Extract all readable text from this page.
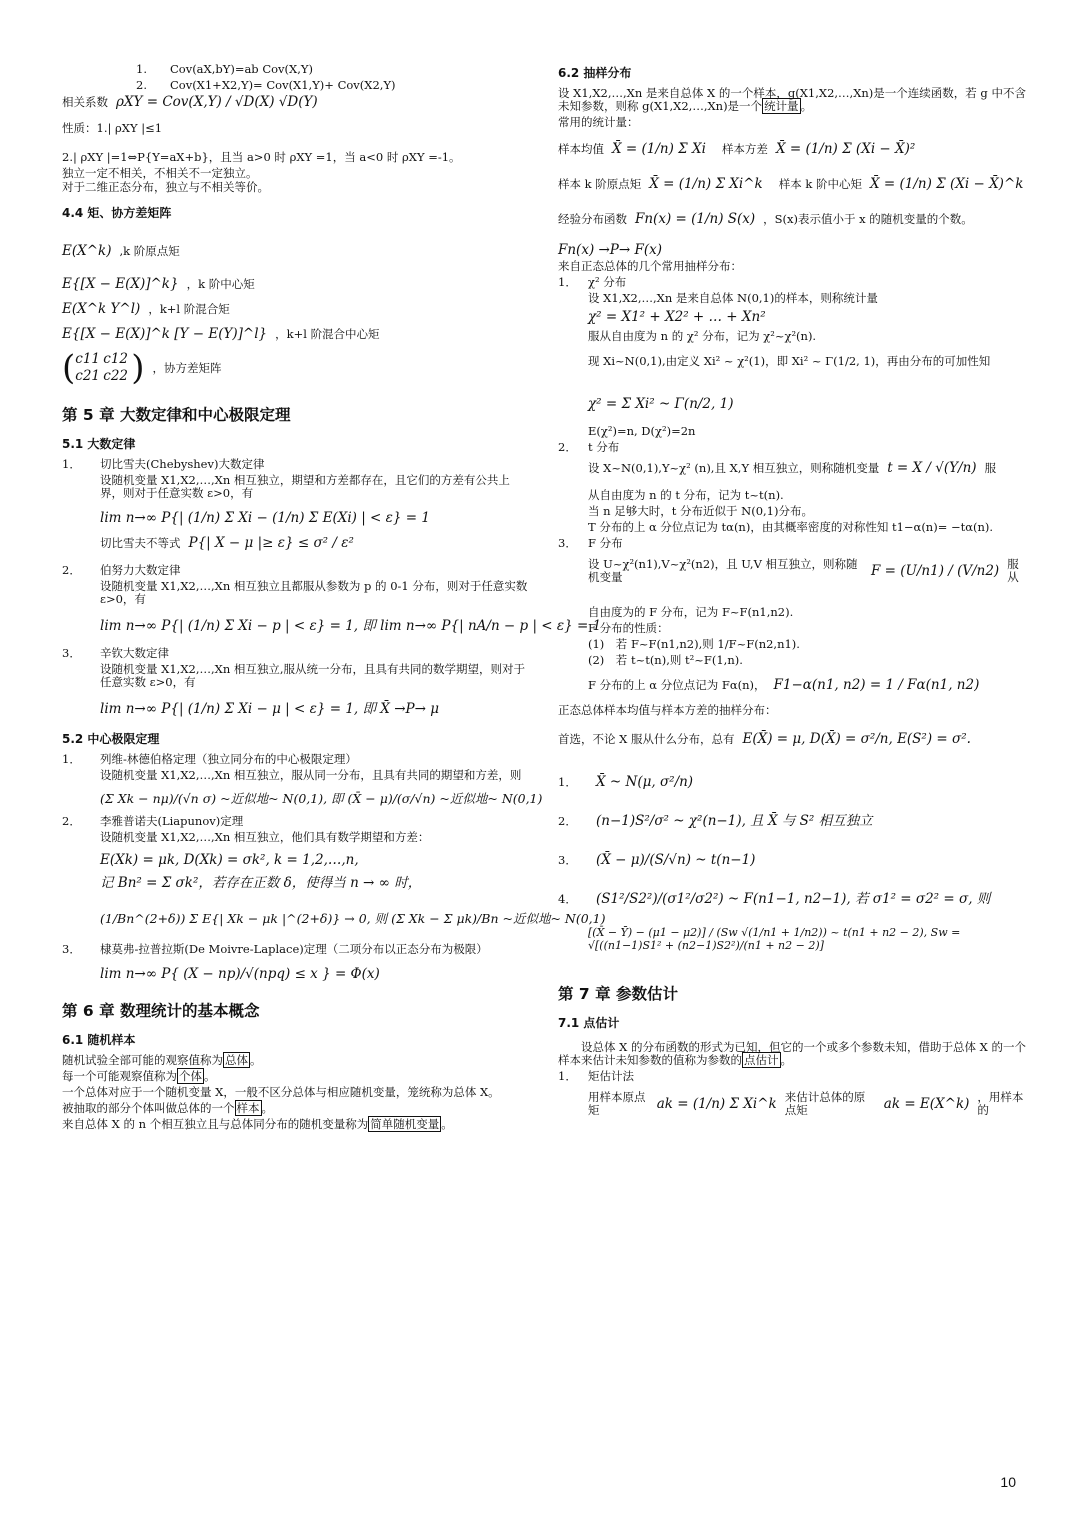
1.　　Cov(aX,bY)=ab Cov(X,Y)
2.　　Cov(X1+X2,Y)= Cov(X1,Y)+ Cov(X2,Y)
相关系数 ρXY = Cov(X,Y) / √D(X) √D(Y)
性质：1.| ρXY |≤1
2.| ρXY |=1⇔P{Y=aX+b}，且当 a>0 时 ρXY =1，当 a<0 时 ρXY =-1。
独立一定不相关，不相关不一定独立。
对于二维正态分布，独立与不相关等价。
4.4 矩、协方差矩阵
E(X^k) ,k 阶原点矩
E{[X − E(X)]^k} ，k 阶中心矩
E(X^k Y^l) ，k+l 阶混合矩
E{[X − E(X)]^k [Y − E(Y)]^l} ，k+l 阶混合中心矩
( c11 c12
c21 c22 ) ，协方差矩阵
第 5 章 大数定律和中心极限定理
5.1 大数定律
1． 切比雪夫(Chebyshev)大数定律
设随机变量 X1,X2,…,Xn 相互独立，期望和方差都存在，且它们的方差有公共上界，则对于任意实数 ε>0，有
lim n→∞ P{| (1/n) Σ Xi − (1/n) Σ E(Xi) | < ε} = 1
切比雪夫不等式 P{| X − μ |≥ ε} ≤ σ² / ε²
2． 伯努力大数定律
设随机变量 X1,X2,…,Xn 相互独立且都服从参数为 p 的 0-1 分布，则对于任意实数 ε>0，有
lim n→∞ P{| (1/n) Σ Xi − p | < ε} = 1, 即 lim n→∞ P{| nA/n − p | < ε} = 1
3． 辛钦大数定律
设随机变量 X1,X2,…,Xn 相互独立,服从统一分布，且具有共同的数学期望，则对于任意实数 ε>0，有
lim n→∞ P{| (1/n) Σ Xi − μ | < ε} = 1, 即 X̄ →P→ μ
5.2 中心极限定理
1． 列维-林德伯格定理（独立同分布的中心极限定理）
设随机变量 X1,X2,…,Xn 相互独立，服从同一分布，且具有共同的期望和方差，则
(Σ Xk − nμ)/(√n σ) ~近似地~ N(0,1), 即 (X̄ − μ)/(σ/√n) ~近似地~ N(0,1)
2． 李雅普诺夫(Liapunov)定理
设随机变量 X1,X2,…,Xn 相互独立，他们具有数学期望和方差：
E(Xk) = μk, D(Xk) = σk², k = 1,2,…,n,
记 Bn² = Σ σk²，若存在正数 δ，使得当 n → ∞ 时，
(1/Bn^(2+δ)) Σ E{| Xk − μk |^(2+δ)} → 0, 则 (Σ Xk − Σ μk)/Bn ~近似地~ N(0,1)
3． 棣莫弗-拉普拉斯(De Moivre-Laplace)定理（二项分布以正态分布为极限）
lim n→∞ P{ (X − np)/√(npq) ≤ x } = Φ(x)
第 6 章 数理统计的基本概念
6.1 随机样本
随机试验全部可能的观察值称为 总体 。
每一个可能观察值称为 个体 。
一个总体对应于一个随机变量 X，一般不区分总体与相应随机变量，笼统称为总体 X。
被抽取的部分个体叫做总体的一个 样本 。
来自总体 X 的 n 个相互独立且与总体同分布的随机变量称为 简单随机变量 。
6.2 抽样分布
设 X1,X2,…,Xn 是来自总体 X 的一个样本，g(X1,X2,…,Xn)是一个连续函数，若 g 中不含未知参数，则称 g(X1,X2,…,Xn)是一个 统计量 。
常用的统计量：
样本均值 X̄ = (1/n) Σ Xi 样本方差 X̄ = (1/n) Σ (Xi − X̄)²
样本 k 阶原点矩 X̄ = (1/n) Σ Xi^k 样本 k 阶中心矩 X̄ = (1/n) Σ (Xi − X̄)^k
经验分布函数 Fn(x) = (1/n) S(x) ，S(x)表示值小于 x 的随机变量的个数。
Fn(x) →P→ F(x)
来自正态总体的几个常用抽样分布：
1． χ² 分布
设 X1,X2,…,Xn 是来自总体 N(0,1)的样本，则称统计量
χ² = X1² + X2² + … + Xn²
服从自由度为 n 的 χ² 分布，记为 χ²~χ²(n).
现 Xi~N(0,1),由定义 Xi² ~ χ²(1)，即 Xi² ~ Γ(1/2, 1)，再由分布的可加性知
χ² = Σ Xi² ~ Γ(n/2, 1)
E(χ²)=n, D(χ²)=2n
2． t 分布
设 X~N(0,1),Y~χ² (n),且 X,Y 相互独立，则称随机变量 t = X / √(Y/n) 服
从自由度为 n 的 t 分布，记为 t~t(n).
当 n 足够大时，t 分布近似于 N(0,1)分布。
T 分布的上 α 分位点记为 tα(n)，由其概率密度的对称性知 t1−α(n)= −tα(n).
3． F 分布
设 U~χ²(n1),V~χ²(n2)，且 U,V 相互独立，则称随机变量	F = (U/n1) / (V/n2) 服从
自由度为的 F 分布，记为 F~F(n1,n2).
F 分布的性质：
(1)　若 F~F(n1,n2),则 1/F~F(n2,n1).
(2)　若 t~t(n),则 t²~F(1,n).
F 分布的上 α 分位点记为 Fα(n)， F1−α(n1, n2) = 1 / Fα(n1, n2)
正态总体样本均值与样本方差的抽样分布：
首选，不论 X 服从什么分布，总有 E(X̄) = μ, D(X̄) = σ²/n, E(S²) = σ².
1．	X̄ ~ N(μ, σ²/n)
2．	(n−1)S²/σ² ~ χ²(n−1), 且 X̄ 与 S² 相互独立
3．	(X̄ − μ)/(S/√n) ~ t(n−1)
4．	(S1²/S2²)/(σ1²/σ2²) ~ F(n1−1, n2−1), 若 σ1² = σ2² = σ, 则
[(X̄ − Ȳ) − (μ1 − μ2)] / (Sw √(1/n1 + 1/n2)) ~ t(n1 + n2 − 2), Sw = √[((n1−1)S1² + (n2−1)S2²)/(n1 + n2 − 2)]
第 7 章 参数估计
7.1 点估计
　　设总体 X 的分布函数的形式为已知，但它的一个或多个参数未知，借助于总体 X 的一个样本来估计未知参数的值称为参数的 点估计 。
1． 矩估计法
用样本原点矩	ak = (1/n) Σ Xi^k 来估计总体的原点矩	ak = E(X^k) ，用样本的
10
